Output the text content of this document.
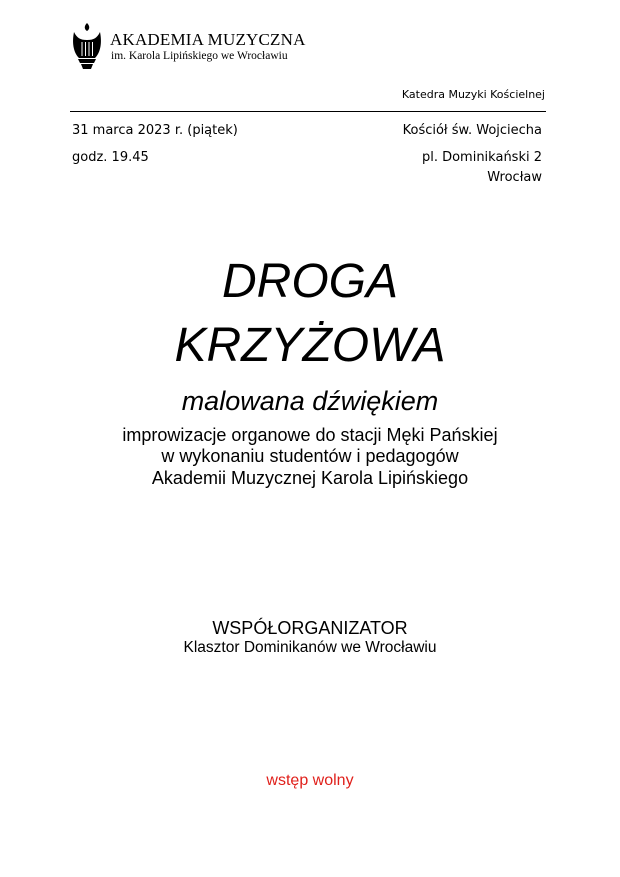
AKADEMIA MUZYCZNA
im. Karola Lipińskiego we Wrocławiu
Katedra Muzyki Kościelnej
31 marca 2023 r. (piątek)
godz. 19.45
Kościół św. Wojciecha
pl. Dominikański 2
Wrocław
DROGA
KRZYŻOWA
malowana dźwiękiem
improwizacje organowe do stacji Męki Pańskiej
w wykonaniu studentów i pedagogów
Akademii Muzycznej Karola Lipińskiego
WSPÓŁORGANIZATOR
Klasztor Dominikanów we Wrocławiu
wstęp wolny
